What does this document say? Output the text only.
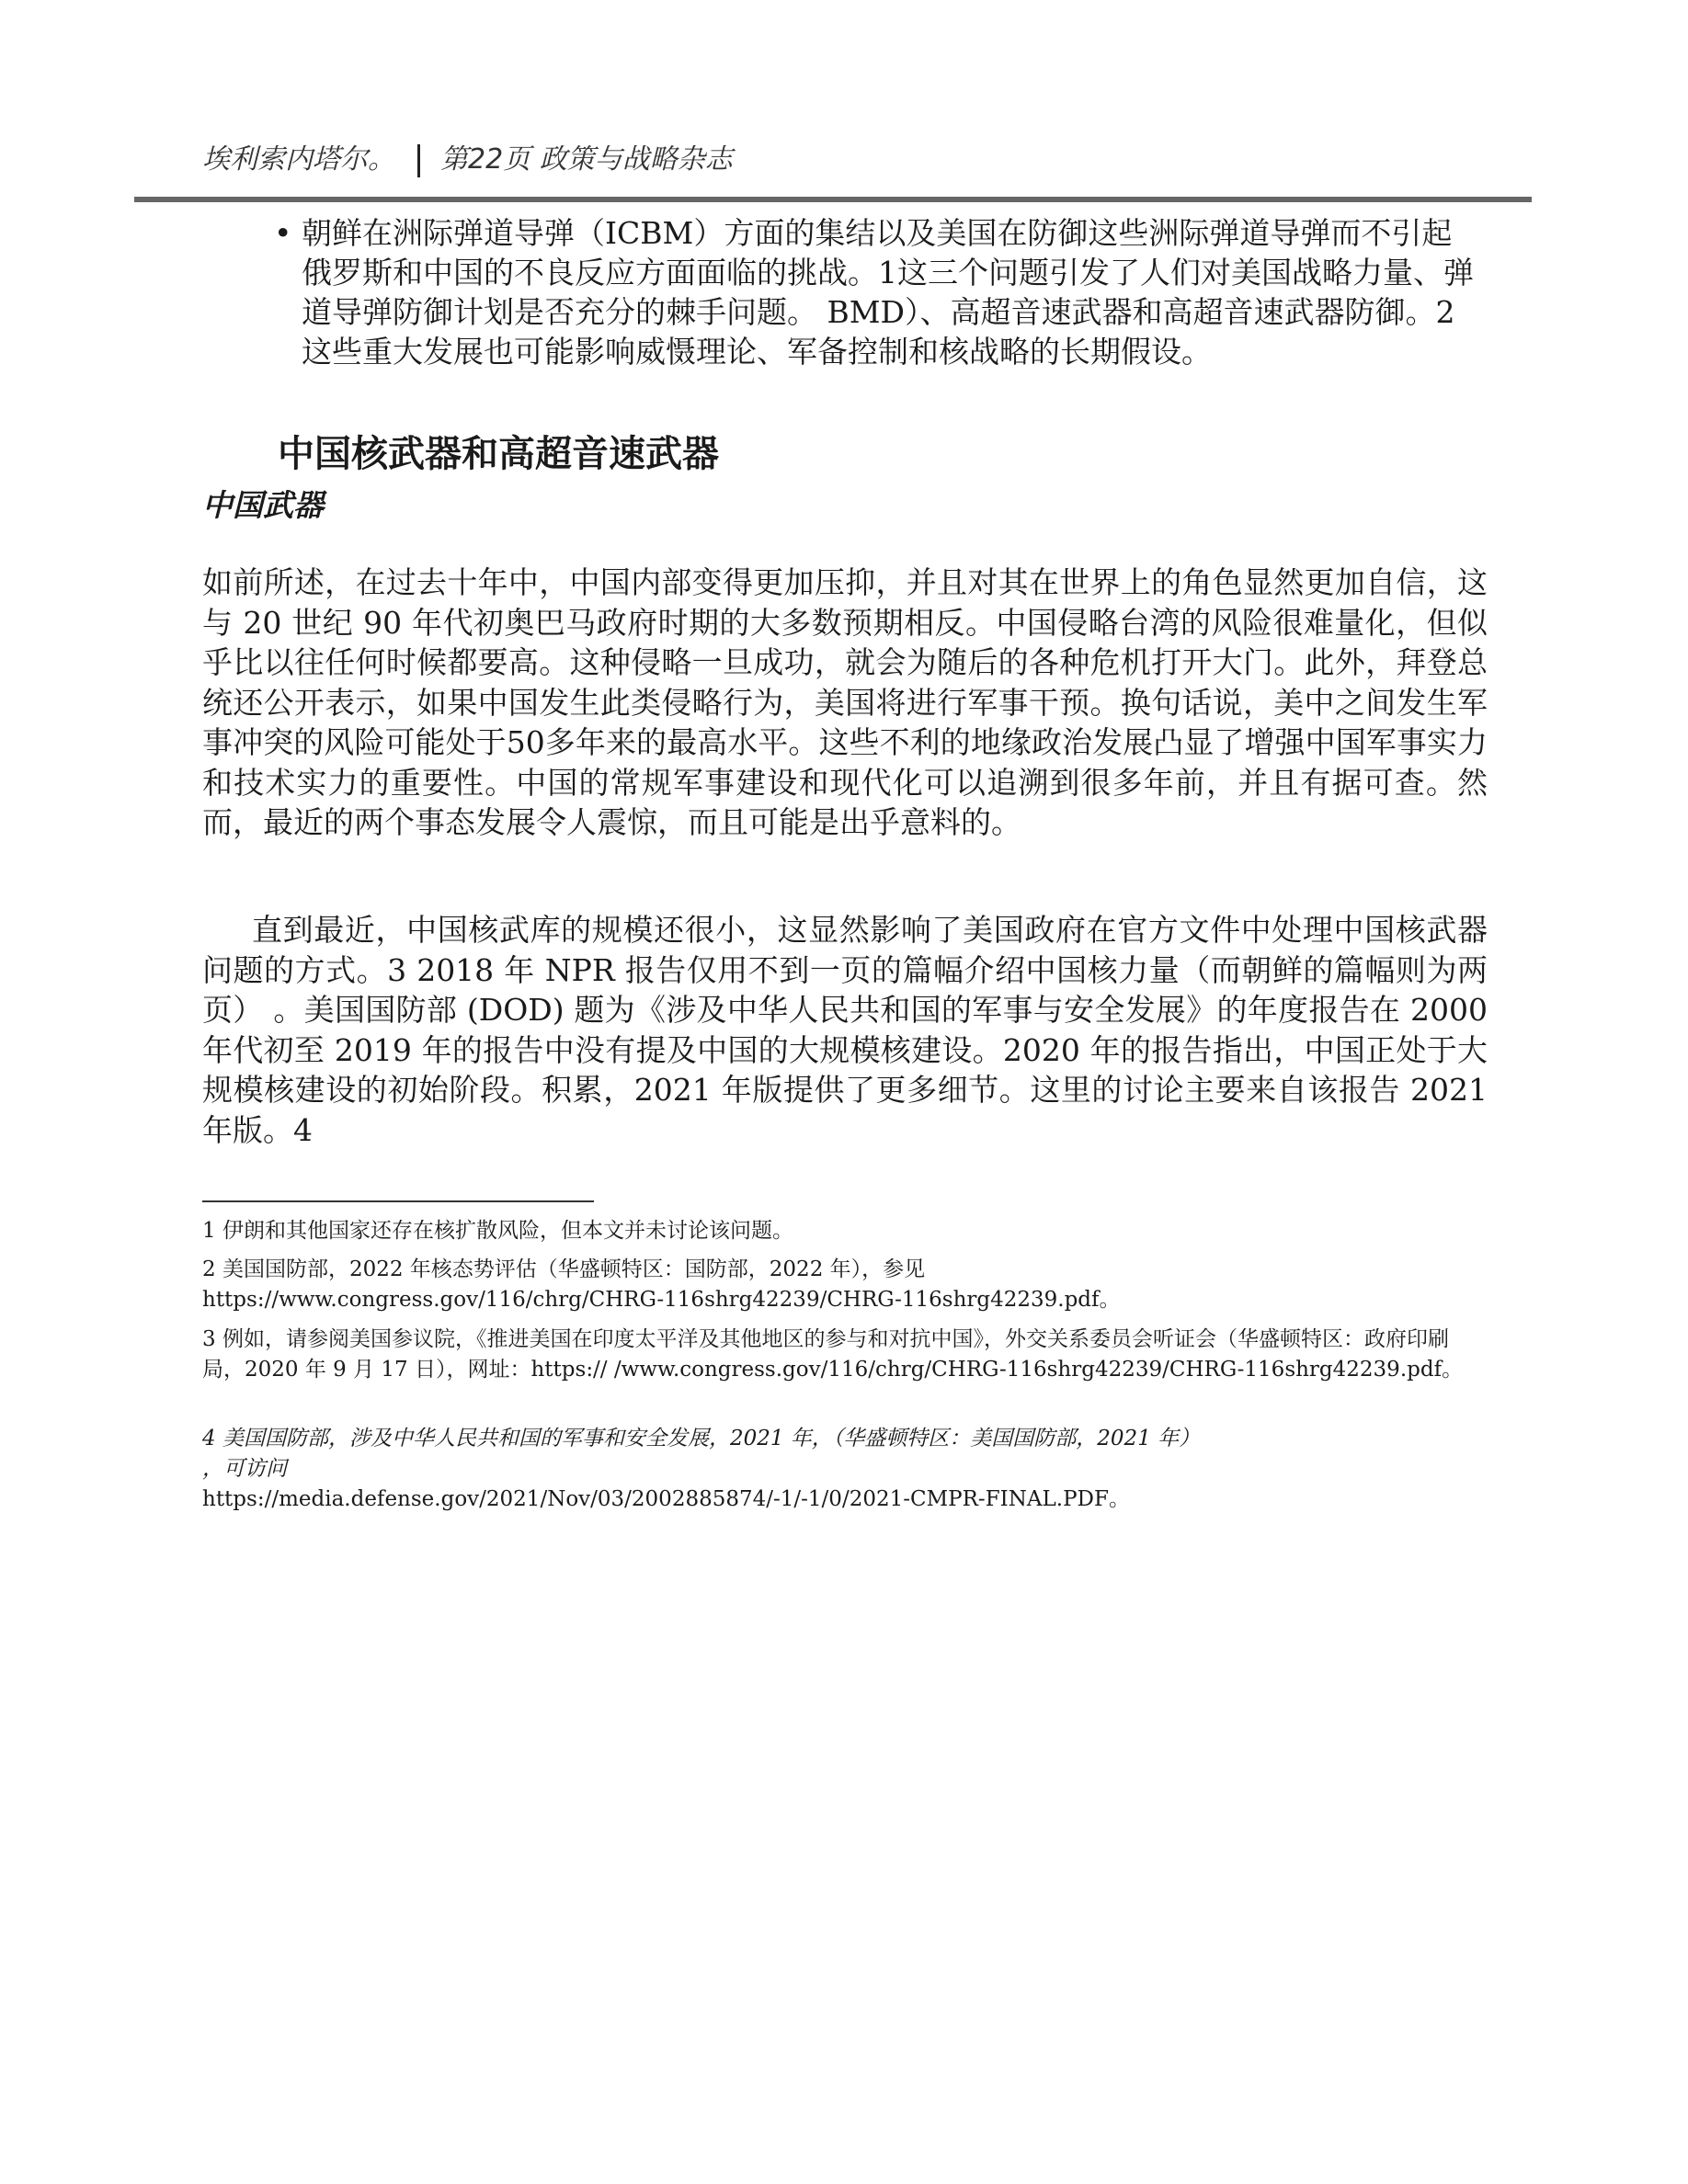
埃利索内塔尔。 第22页 政策与战略杂志
• 朝鲜在洲际弹道导弹（ICBM）方面的集结以及美国在防御这些洲际弹道导弹而不引起俄罗斯和中国的不良反应方面面临的挑战。1这三个问题引发了人们对美国战略力量、弹道导弹防御计划是否充分的棘手问题。 BMD）、高超音速武器和高超音速武器防御。2这些重大发展也可能影响威慑理论、军备控制和核战略的长期假设。
中国核武器和高超音速武器
中国武器
如前所述，在过去十年中，中国内部变得更加压抑，并且对其在世界上的角色显然更加自信，这与 20 世纪 90 年代初奥巴马政府时期的大多数预期相反。中国侵略台湾的风险很难量化，但似乎比以往任何时候都要高。这种侵略一旦成功，就会为随后的各种危机打开大门。此外，拜登总统还公开表示，如果中国发生此类侵略行为，美国将进行军事干预。换句话说，美中之间发生军事冲突的风险可能处于50多年来的最高水平。这些不利的地缘政治发展凸显了增强中国军事实力和技术实力的重要性。中国的常规军事建设和现代化可以追溯到很多年前，并且有据可查。然而，最近的两个事态发展令人震惊，而且可能是出乎意料的。
直到最近，中国核武库的规模还很小，这显然影响了美国政府在官方文件中处理中国核武器问题的方式。3 2018 年 NPR 报告仅用不到一页的篇幅介绍中国核力量（而朝鲜的篇幅则为两页） 。美国国防部 (DOD) 题为《涉及中华人民共和国的军事与安全发展》的年度报告在 2000 年代初至 2019 年的报告中没有提及中国的大规模核建设。2020 年的报告指出，中国正处于大规模核建设的初始阶段。积累，2021 年版提供了更多细节。这里的讨论主要来自该报告 2021 年版。4
1 伊朗和其他国家还存在核扩散风险，但本文并未讨论该问题。
2 美国国防部，2022 年核态势评估（华盛顿特区：国防部，2022 年），参见
https://www.congress.gov/116/chrg/CHRG-116shrg42239/CHRG-116shrg42239.pdf。
3 例如，请参阅美国参议院，《推进美国在印度太平洋及其他地区的参与和对抗中国》，外交关系委员会听证会（华盛顿特区：政府印刷局，2020 年 9 月 17 日），网址：https:// /www.congress.gov/116/chrg/CHRG-116shrg42239/CHRG-116shrg42239.pdf。
4 美国国防部，涉及中华人民共和国的军事和安全发展，2021 年，（华盛顿特区：美国国防部，2021 年）
，可访问
https://media.defense.gov/2021/Nov/03/2002885874/-1/-1/0/2021-CMPR-FINAL.PDF。
